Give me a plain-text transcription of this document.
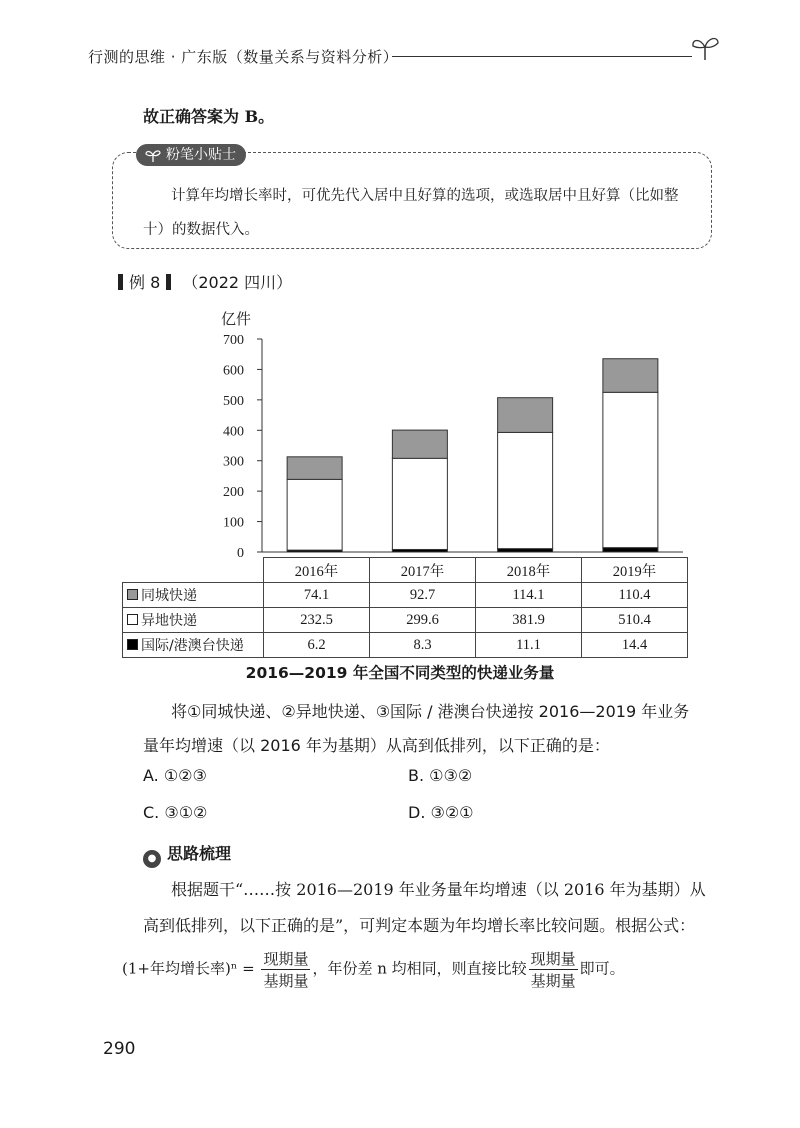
行测的思维 · 广东版（数量关系与资料分析）
故正确答案为 B。
粉笔小贴士
计算年均增长率时，可优先代入居中且好算的选项，或选取居中且好算（比如整十）的数据代入。
例 8 （2022 四川）
亿件
0
100
200
300
400
500
600
700
	2016年	2017年	2018年	2019年
同城快递	74.1	92.7	114.1	110.4
异地快递	232.5	299.6	381.9	510.4
国际/港澳台快递	6.2	8.3	11.1	14.4
2016—2019 年全国不同类型的快递业务量
将①同城快递、②异地快递、③国际 / 港澳台快递按 2016—2019 年业务量年均增速（以 2016 年为基期）从高到低排列，以下正确的是：
A. ①②③	B. ①③②
C. ③①②	D. ③②①
● 思路梳理
根据题干“……按 2016—2019 年业务量年均增速（以 2016 年为基期）从高到低排列，以下正确的是”，可判定本题为年均增长率比较问题。根据公式：
(1+年均增长率)$^n = \frac{\text{现期量}}{\text{基期量}}$ ，年份差 n 均相同，则直接比较 $\frac{\text{现期量}}{\text{基期量}}$ 即可。
290
